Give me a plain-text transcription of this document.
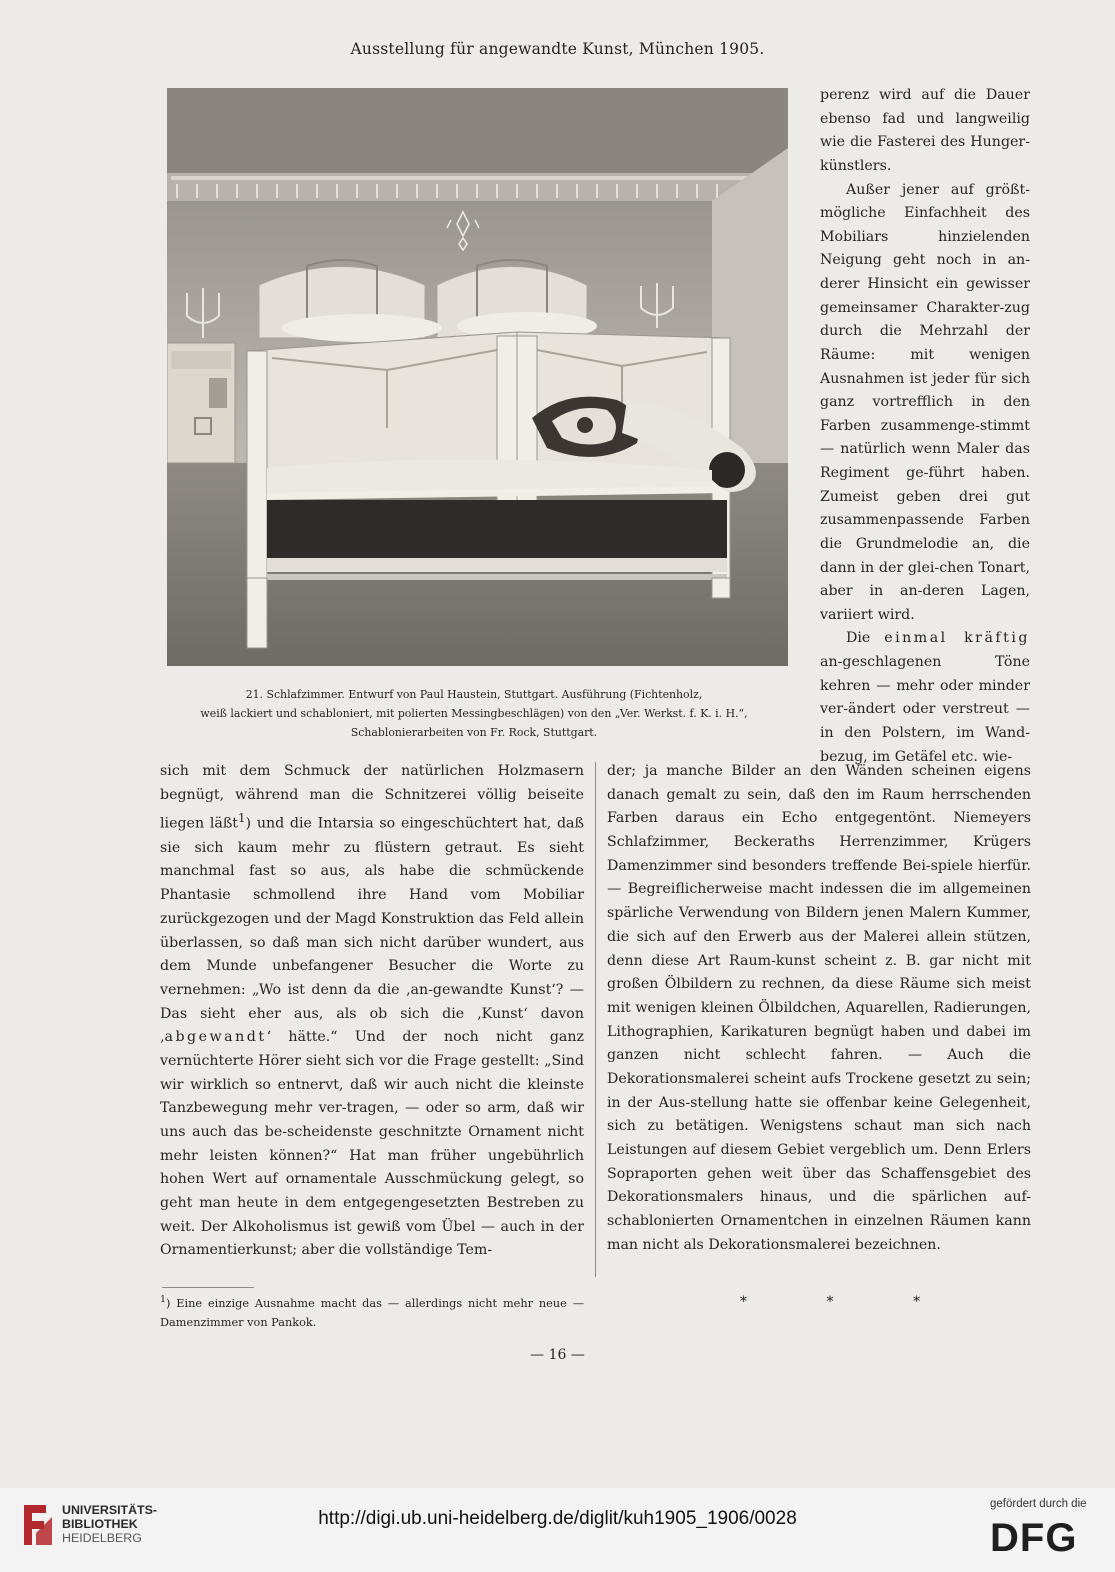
Ausstellung für angewandte Kunst, München 1905.
21. Schlafzimmer. Entwurf von Paul Haustein, Stuttgart. Ausführung (Fichtenholz,
weiß lackiert und schabloniert, mit polierten Messingbeschlägen) von den „Ver. Werkst. f. K. i. H.“,
Schablonierarbeiten von Fr. Rock, Stuttgart.

perenz wird auf die Dauer ebenso fad und langweilig wie die Fasterei des Hunger-künstlers.

Außer jener auf größt-mögliche Einfachheit des Mobiliars hinzielenden Neigung geht noch in an-derer Hinsicht ein gewisser gemeinsamer Charakter-zug durch die Mehrzahl der Räume: mit wenigen Ausnahmen ist jeder für sich ganz vortrefflich in den Farben zusammenge-stimmt — natürlich wenn Maler das Regiment ge-führt haben. Zumeist geben drei gut zusammenpassende Farben die Grundmelodie an, die dann in der glei-chen Tonart, aber in an-deren Lagen, variiert wird.

Die einmal kräftig an-geschlagenen Töne kehren — mehr oder minder ver-ändert oder verstreut — in den Polstern, im Wand-bezug, im Getäfel etc. wie-

sich mit dem Schmuck der natürlichen Holzmasern begnügt, während man die Schnitzerei völlig beiseite liegen läßt$^1$) und die Intarsia so eingeschüchtert hat, daß sie sich kaum mehr zu flüstern getraut. Es sieht manchmal fast so aus, als habe die schmückende Phantasie schmollend ihre Hand vom Mobiliar zurückgezogen und der Magd Konstruktion das Feld allein überlassen, so daß man sich nicht darüber wundert, aus dem Munde unbefangener Besucher die Worte zu vernehmen: „Wo ist denn da die ‚an-gewandte Kunst‘? — Das sieht eher aus, als ob sich die ‚Kunst‘ davon ‚abgewandt‘ hätte.“ Und der noch nicht ganz vernüchterte Hörer sieht sich vor die Frage gestellt: „Sind wir wirklich so entnervt, daß wir auch nicht die kleinste Tanzbewegung mehr ver-tragen, — oder so arm, daß wir uns auch das be-scheidenste geschnitzte Ornament nicht mehr leisten können?“ Hat man früher ungebührlich hohen Wert auf ornamentale Ausschmückung gelegt, so geht man heute in dem entgegengesetzten Bestreben zu weit. Der Alkoholismus ist gewiß vom Übel — auch in der Ornamentierkunst; aber die vollständige Tem-

der; ja manche Bilder an den Wänden scheinen eigens danach gemalt zu sein, daß den im Raum herrschenden Farben daraus ein Echo entgegentönt. Niemeyers Schlafzimmer, Beckeraths Herrenzimmer, Krügers Damenzimmer sind besonders treffende Bei-spiele hierfür. — Begreiflicherweise macht indessen die im allgemeinen spärliche Verwendung von Bildern jenen Malern Kummer, die sich auf den Erwerb aus der Malerei allein stützen, denn diese Art Raum-kunst scheint z. B. gar nicht mit großen Ölbildern zu rechnen, da diese Räume sich meist mit wenigen kleinen Ölbildchen, Aquarellen, Radierungen, Lithographien, Karikaturen begnügt haben und dabei im ganzen nicht schlecht fahren. — Auch die Dekorationsmalerei scheint aufs Trockene gesetzt zu sein; in der Aus-stellung hatte sie offenbar keine Gelegenheit, sich zu betätigen. Wenigstens schaut man sich nach Leistungen auf diesem Gebiet vergeblich um. Denn Erlers Sopraporten gehen weit über das Schaffensgebiet des Dekorationsmalers hinaus, und die spärlichen auf-schablonierten Ornamentchen in einzelnen Räumen kann man nicht als Dekorationsmalerei bezeichnen.

$^1$) Eine einzige Ausnahme macht das — allerdings nicht mehr neue — Damenzimmer von Pankok.
*	*	*
— 16 —
UNIVERSITÄTS-
BIBLIOTHEK
HEIDELBERG
http://digi.ub.uni-heidelberg.de/diglit/kuh1905_1906/0028
gefördert durch die
DFG
